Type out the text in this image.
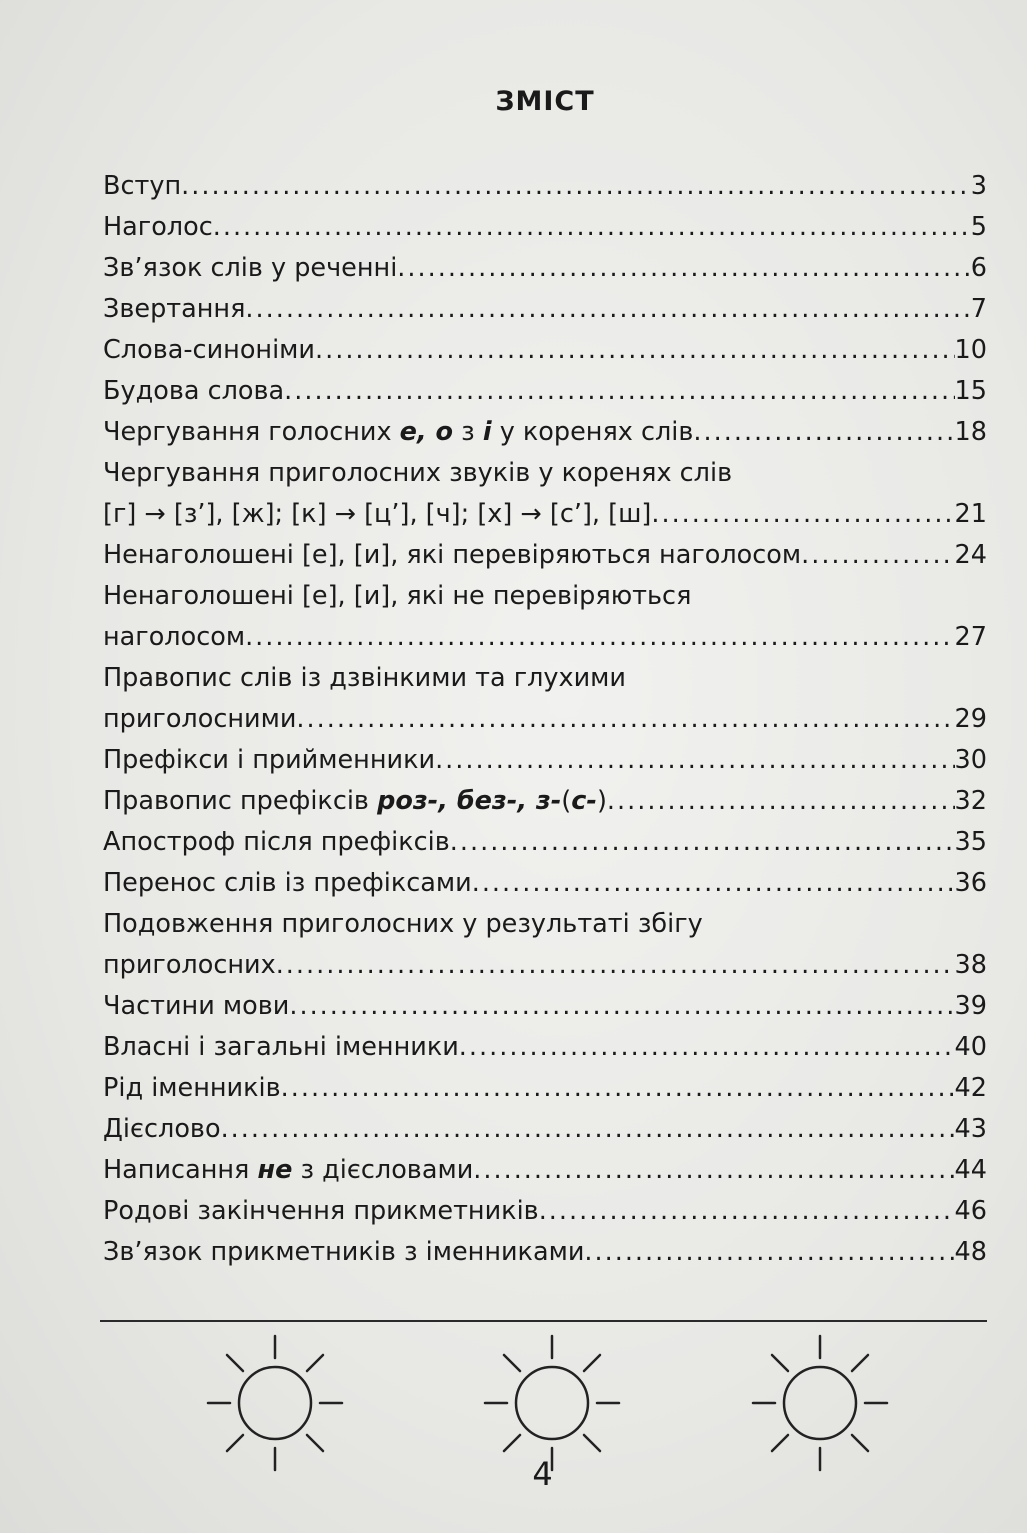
ЗМІСТ
Вступ .....	3
Наголос .....	5
Зв’язок слів у реченні .....	6
Звертання .....	7
Слова-синоніми .....	10
Будова слова .....	15
Чергування голосних е, о з і у коренях слів .....	18
Чергування приголосних звуків у коренях слів
[г] → [з’], [ж]; [к] → [ц’], [ч]; [х] → [с’], [ш] .....	21
Ненаголошені [е], [и], які перевіряються наголосом .....	24
Ненаголошені [е], [и], які не перевіряються
наголосом .....	27
Правопис слів із дзвінкими та глухими
приголосними .....	29
Префікси і прийменники .....	30
Правопис префіксів роз-, без-, з-(с-) .....	32
Апостроф після префіксів .....	35
Перенос слів із префіксами .....	36
Подовження приголосних у результаті збігу
приголосних .....	38
Частини мови .....	39
Власні і загальні іменники .....	40
Рід іменників .....	42
Дієслово .....	43
Написання не з дієсловами .....	44
Родові закінчення прикметників .....	46
Зв’язок прикметників з іменниками .....	48
4
